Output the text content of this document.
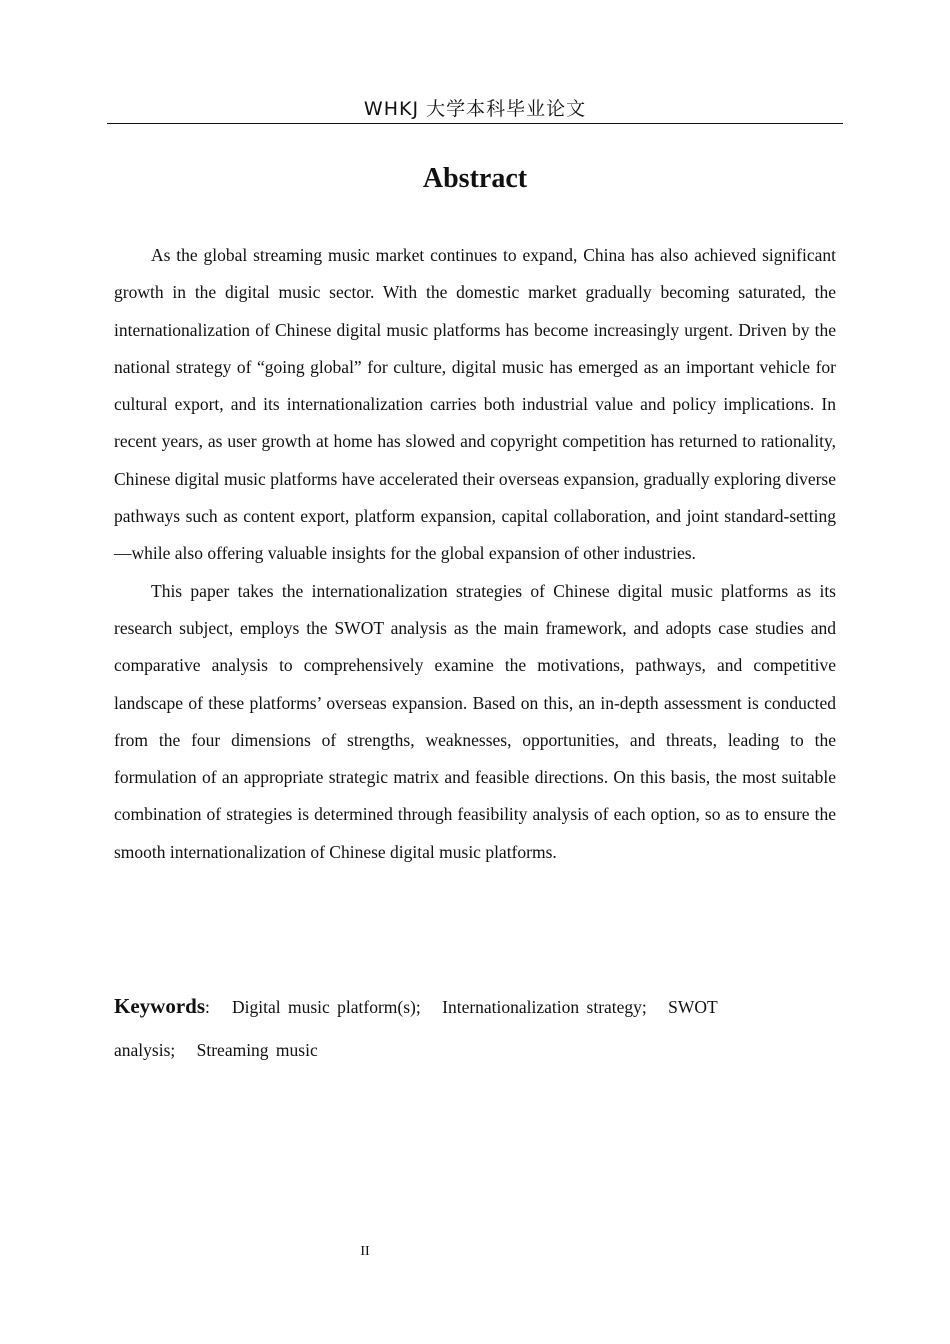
WHKJ 大学本科毕业论文
Abstract

As the global streaming music market continues to expand, China has also achieved significant growth in the digital music sector. With the domestic market gradually becoming saturated, the internationalization of Chinese digital music platforms has become increasingly urgent. Driven by the national strategy of “going global” for culture, digital music has emerged as an important vehicle for cultural export, and its internationalization carries both industrial value and policy implications. In recent years, as user growth at home has slowed and copyright competition has returned to rationality, Chinese digital music platforms have accelerated their overseas expansion, gradually exploring diverse pathways such as content export, platform expansion, capital collaboration, and joint standard-setting—while also offering valuable insights for the global expansion of other industries.

This paper takes the internationalization strategies of Chinese digital music platforms as its research subject, employs the SWOT analysis as the main framework, and adopts case studies and comparative analysis to comprehensively examine the motivations, pathways, and competitive landscape of these platforms’ overseas expansion. Based on this, an in-depth assessment is conducted from the four dimensions of strengths, weaknesses, opportunities, and threats, leading to the formulation of an appropriate strategic matrix and feasible directions. On this basis, the most suitable combination of strategies is determined through feasibility analysis of each option, so as to ensure the smooth internationalization of Chinese digital music platforms.

Keywords: Digital music platform(s); Internationalization strategy; SWOT analysis; Streaming music
II
